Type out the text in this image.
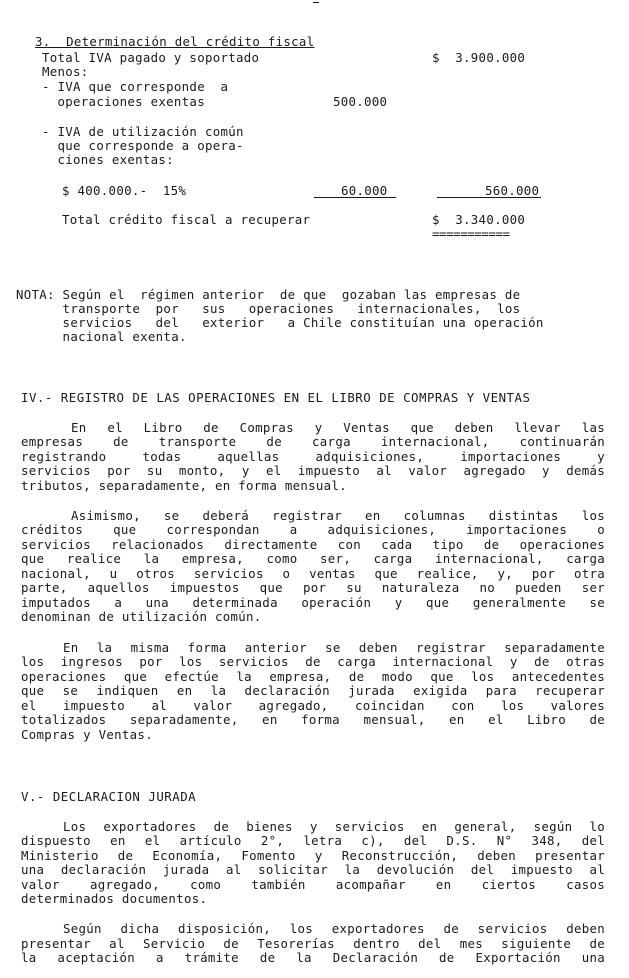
3.  Determinación del crédito fiscal

Total IVA pagado y soportado	$  3.900.000
Menos:
- IVA que corresponde  a
operaciones exentas	500.000
- IVA de utilización común
que corresponde a opera-
ciones exentas:
$ 400.000.-  15%	60.000	560.000
Total crédito fiscal a recuperar	$  3.340.000
===========
NOTA: Según el  régimen anterior  de que  gozaban las empresas de
transporte  por   sus   operaciones   internacionales,  los
servicios   del   exterior   a Chile constituían una operación
nacional exenta.
IV.- REGISTRO DE LAS OPERACIONES EN EL LIBRO DE COMPRAS Y VENTAS
En el Libro de Compras y Ventas que deben llevar las
empresas de transporte de carga internacional, continuarán
registrando todas aquellas adquisiciones, importaciones y
servicios por su monto, y el impuesto al valor agregado y demás
tributos, separadamente, en forma mensual.
Asimismo, se deberá registrar en columnas distintas los
créditos que correspondan a adquisiciones, importaciones o
servicios relacionados directamente con cada tipo de operaciones
que realice la empresa, como ser, carga internacional, carga
nacional, u otros servicios o ventas que realice, y, por otra
parte, aquellos impuestos que por su naturaleza no pueden ser
imputados a una determinada operación y que generalmente se
denominan de utilización común.
En la misma forma anterior se deben registrar separadamente
los ingresos por los servicios de carga internacional y de otras
operaciones que efectúe la empresa, de modo que los antecedentes
que se indiquen en la declaración jurada exigida para recuperar
el impuesto al valor agregado, coincidan con los valores
totalizados separadamente, en forma mensual, en el Libro de
Compras y Ventas.
V.- DECLARACION JURADA
Los exportadores de bienes y servicios en general, según lo
dispuesto en el artículo 2°, letra c), del D.S. N° 348, del
Ministerio de Economía, Fomento y Reconstrucción, deben presentar
una declaración jurada al solicitar la devolución del impuesto al
valor agregado, como también acompañar en ciertos casos
determinados documentos.
Según dicha disposición, los exportadores de servicios deben
presentar al Servicio de Tesorerías dentro del mes siguiente de
la aceptación a trámite de la Declaración de Exportación una
